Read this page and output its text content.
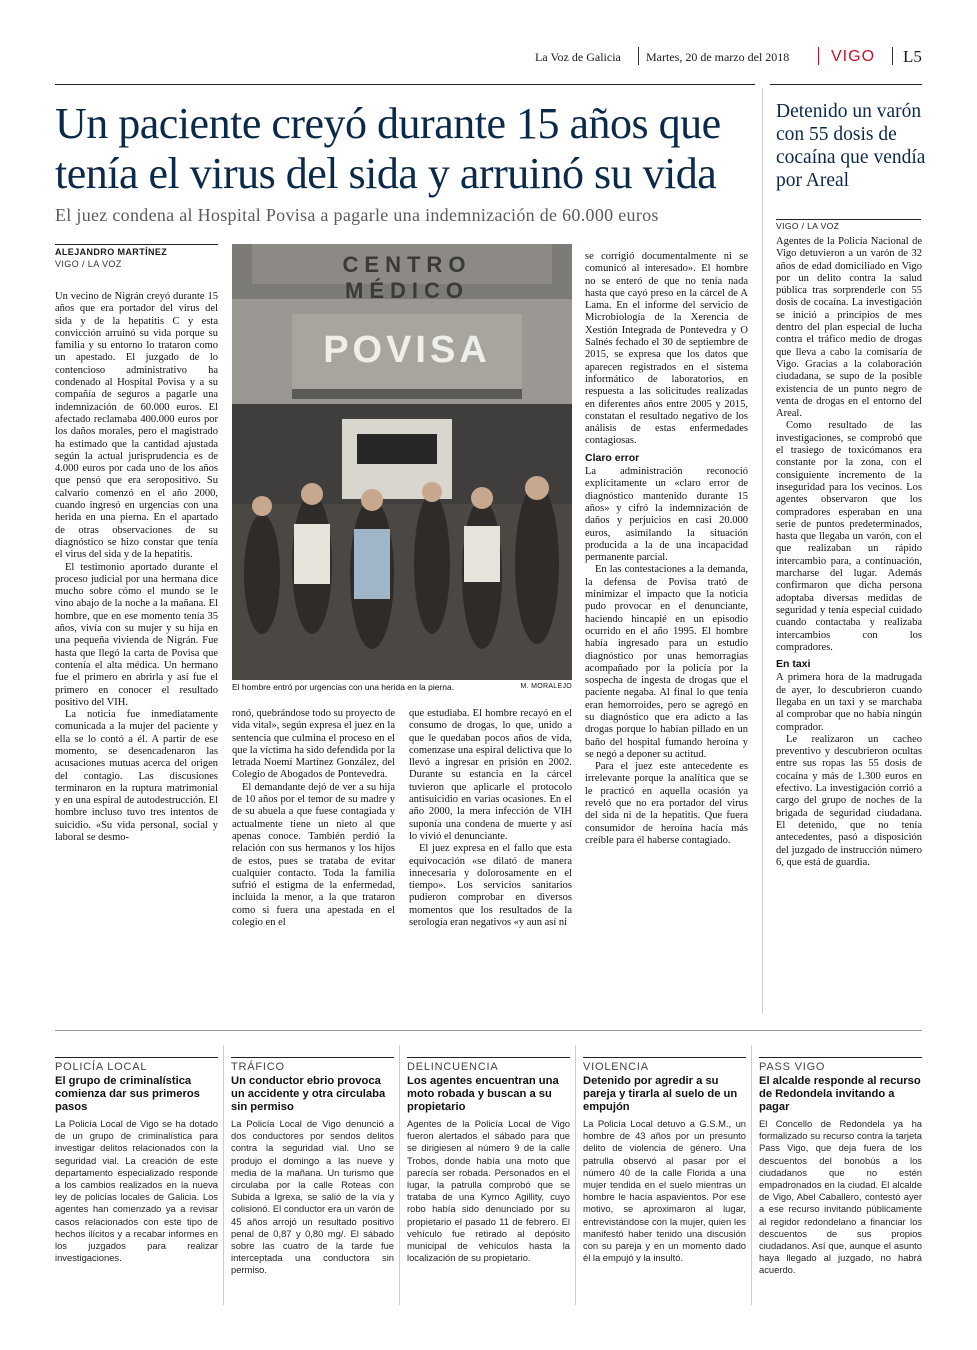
La Voz de Galicia Martes, 20 de marzo del 2018	VIGO L5
Un paciente creyó durante 15 años que tenía el virus del sida y arruinó su vida
El juez condena al Hospital Povisa a pagarle una indemnización de 60.000 euros
ALEJANDRO MARTÍNEZ
VIGO / LA VOZ

Un vecino de Nigrán creyó durante 15 años que era portador del virus del sida y de la hepatitis C y esta convicción arruinó su vida porque su familia y su entorno lo trataron como un apestado. El juzgado de lo contencioso administrativo ha condenado al Hospital Povisa y a su compañía de seguros a pagarle una indemnización de 60.000 euros. El afectado reclamaba 400.000 euros por los daños morales, pero el magistrado ha estimado que la cantidad ajustada según la actual jurisprudencia es de 4.000 euros por cada uno de los años que pensó que era seropositivo. Su calvario comenzó en el año 2000, cuando ingresó en urgencias con una herida en una pierna. En el apartado de otras observaciones de su diagnóstico se hizo constar que tenía el virus del sida y de la hepatitis.

El testimonio aportado durante el proceso judicial por una hermana dice mucho sobre cómo el mundo se le vino abajo de la noche a la mañana. El hombre, que en ese momento tenía 35 años, vivía con su mujer y su hija en una pequeña vivienda de Nigrán. Fue hasta que llegó la carta de Povisa que contenía el alta médica. Un hermano fue el primero en abrirla y así fue el primero en conocer el resultado positivo del VIH.

La noticia fue inmediatamente comunicada a la mujer del paciente y ella se lo contó a él. A partir de ese momento, se desencadenaron las acusaciones mutuas acerca del origen del contagio. Las discusiones terminaron en la ruptura matrimonial y en una espiral de autodestrucción. El hombre incluso tuvo tres intentos de suicidio. «Su vida personal, social y laboral se desmo-

CENTRO MÉDICO
POVISA
El hombre entró por urgencias con una herida en la pierna.	M. MORALEJO

ronó, quebrándose todo su proyecto de vida vital», según expresa el juez en la sentencia que culmina el proceso en el que la víctima ha sido defendida por la letrada Noemí Martínez González, del Colegio de Abogados de Pontevedra.

El demandante dejó de ver a su hija de 10 años por el temor de su madre y de su abuela a que fuese contagiada y actualmente tiene un nieto al que apenas conoce. También perdió la relación con sus hermanos y los hijos de estos, pues se trataba de evitar cualquier contacto. Toda la familia sufrió el estigma de la enfermedad, incluida la menor, a la que trataron como si fuera una apestada en el colegio en el

que estudiaba. El hombre recayó en el consumo de drogas, lo que, unido a que le quedaban pocos años de vida, comenzase una espiral delictiva que lo llevó a ingresar en prisión en 2002. Durante su estancia en la cárcel tuvieron que aplicarle el protocolo antisuicidio en varias ocasiones. En el año 2000, la mera infección de VIH suponía una condena de muerte y así lo vivió el denunciante.

El juez expresa en el fallo que esta equivocación «se dilató de manera innecesaria y dolorosamente en el tiempo». Los servicios sanitarios pudieron comprobar en diversos momentos que los resultados de la serología eran negativos «y aun así ni

se corrigió documentalmente ni se comunicó al interesado». El hombre no se enteró de que no tenía nada hasta que cayó preso en la cárcel de A Lama. En el informe del servicio de Microbiología de la Xerencia de Xestión Integrada de Pontevedra y O Salnés fechado el 30 de septiembre de 2015, se expresa que los datos que aparecen registrados en el sistema informático de laboratorios, en respuesta a las solicitudes realizadas en diferentes años entre 2005 y 2015, constatan el resultado negativo de los análisis de estas enfermedades contagiosas.

Claro error

La administración reconoció explícitamente un «claro error de diagnóstico mantenido durante 15 años» y cifró la indemnización de daños y perjuicios en casi 20.000 euros, asimilando la situación producida a la de una incapacidad permanente parcial.

En las contestaciones a la demanda, la defensa de Povisa trató de minimizar el impacto que la noticia pudo provocar en el denunciante, haciendo hincapié en un episodio ocurrido en el año 1995. El hombre había ingresado para un estudio diagnóstico por unas hemorragias acompañado por la policía por la sospecha de ingesta de drogas que el paciente negaba. Al final lo que tenía eran hemorroides, pero se agregó en su diagnóstico que era adicto a las drogas porque lo habían pillado en un baño del hospital fumando heroína y se negó a deponer su actitud.

Para el juez este antecedente es irrelevante porque la analítica que se le practicó en aquella ocasión ya reveló que no era portador del virus del sida ni de la hepatitis. Que fuera consumidor de heroína hacía más creíble para él haberse contagiado.

Detenido un varón con 55 dosis de cocaína que vendía por Areal
VIGO / LA VOZ

Agentes de la Policía Nacional de Vigo detuvieron a un varón de 32 años de edad domiciliado en Vigo por un delito contra la salud pública tras sorprenderle con 55 dosis de cocaína. La investigación se inició a principios de mes dentro del plan especial de lucha contra el tráfico medio de drogas que lleva a cabo la comisaría de Vigo. Gracias a la colaboración ciudadana, se supo de la posible existencia de un punto negro de venta de drogas en el entorno del Areal.

Como resultado de las investigaciones, se comprobó que el trasiego de toxicómanos era constante por la zona, con el consiguiente incremento de la inseguridad para los vecinos. Los agentes observaron que los compradores esperaban en una serie de puntos predeterminados, hasta que llegaba un varón, con el que realizaban un rápido intercambio para, a continuación, marcharse del lugar. Además confirmaron que dicha persona adoptaba diversas medidas de seguridad y tenía especial cuidado cuando contactaba y realizaba intercambios con los compradores.

En taxi

A primera hora de la madrugada de ayer, lo descubrieron cuando llegaba en un taxi y se marchaba al comprobar que no había ningún comprador.

Le realizaron un cacheo preventivo y descubrieron ocultas entre sus ropas las 55 dosis de cocaína y más de 1.300 euros en efectivo. La investigación corrió a cargo del grupo de noches de la brigada de seguridad ciudadana. El detenido, que no tenía antecedentes, pasó a disposición del juzgado de instrucción número 6, que está de guardia.

POLICÍA LOCAL
El grupo de criminalística comienza dar sus primeros pasos
La Policía Local de Vigo se ha dotado de un grupo de criminalística para investigar delitos relacionados con la seguridad vial. La creación de este departamento especializado responde a los cambios realizados en la nueva ley de policías locales de Galicia. Los agentes han comenzado ya a revisar casos relacionados con este tipo de hechos ilícitos y a recabar informes en los juzgados para realizar investigaciones.
TRÁFICO
Un conductor ebrio provoca un accidente y otra circulaba sin permiso
La Policía Local de Vigo denunció a dos conductores por sendos delitos contra la seguridad vial. Uno se produjo el domingo a las nueve y media de la mañana. Un turismo que circulaba por la calle Roteas con Subida a Igrexa, se salió de la vía y colisionó. El conductor era un varón de 45 años arrojó un resultado positivo penal de 0,87 y 0,80 mg/. El sábado sobre las cuatro de la tarde fue interceptada una conductora sin permiso.
DELINCUENCIA
Los agentes encuentran una moto robada y buscan a su propietario
Agentes de la Policía Local de Vigo fueron alertados el sábado para que se dirigiesen al número 9 de la calle Trobos, donde había una moto que parecía ser robada. Personados en el lugar, la patrulla comprobó que se trataba de una Kymco Agillity, cuyo robo había sido denunciado por su propietario el pasado 11 de febrero. El vehículo fue retirado al depósito municipal de vehículos hasta la localización de su propietario.
VIOLENCIA
Detenido por agredir a su pareja y tirarla al suelo de un empujón
La Policía Local detuvo a G.S.M., un hombre de 43 años por un presunto delito de violencia de género. Una patrulla observó al pasar por el número 40 de la calle Florida a una mujer tendida en el suelo mientras un hombre le hacía aspavientos. Por ese motivo, se aproximaron al lugar, entrevistándose con la mujer, quien les manifestó haber tenido una discusión con su pareja y en un momento dado él la empujó y la insultó.
PASS VIGO
El alcalde responde al recurso de Redondela invitando a pagar
El Concello de Redondela ya ha formalizado su recurso contra la tarjeta Pass Vigo, que deja fuera de los descuentos del bonobús a los ciudadanos que no estén empadronados en la ciudad. El alcalde de Vigo, Abel Caballero, contestó ayer a ese recurso invitando públicamente al regidor redondelano a financiar los descuentos de sus propios ciudadanos. Así que, aunque el asunto haya llegado al juzgado, no habrá acuerdo.
